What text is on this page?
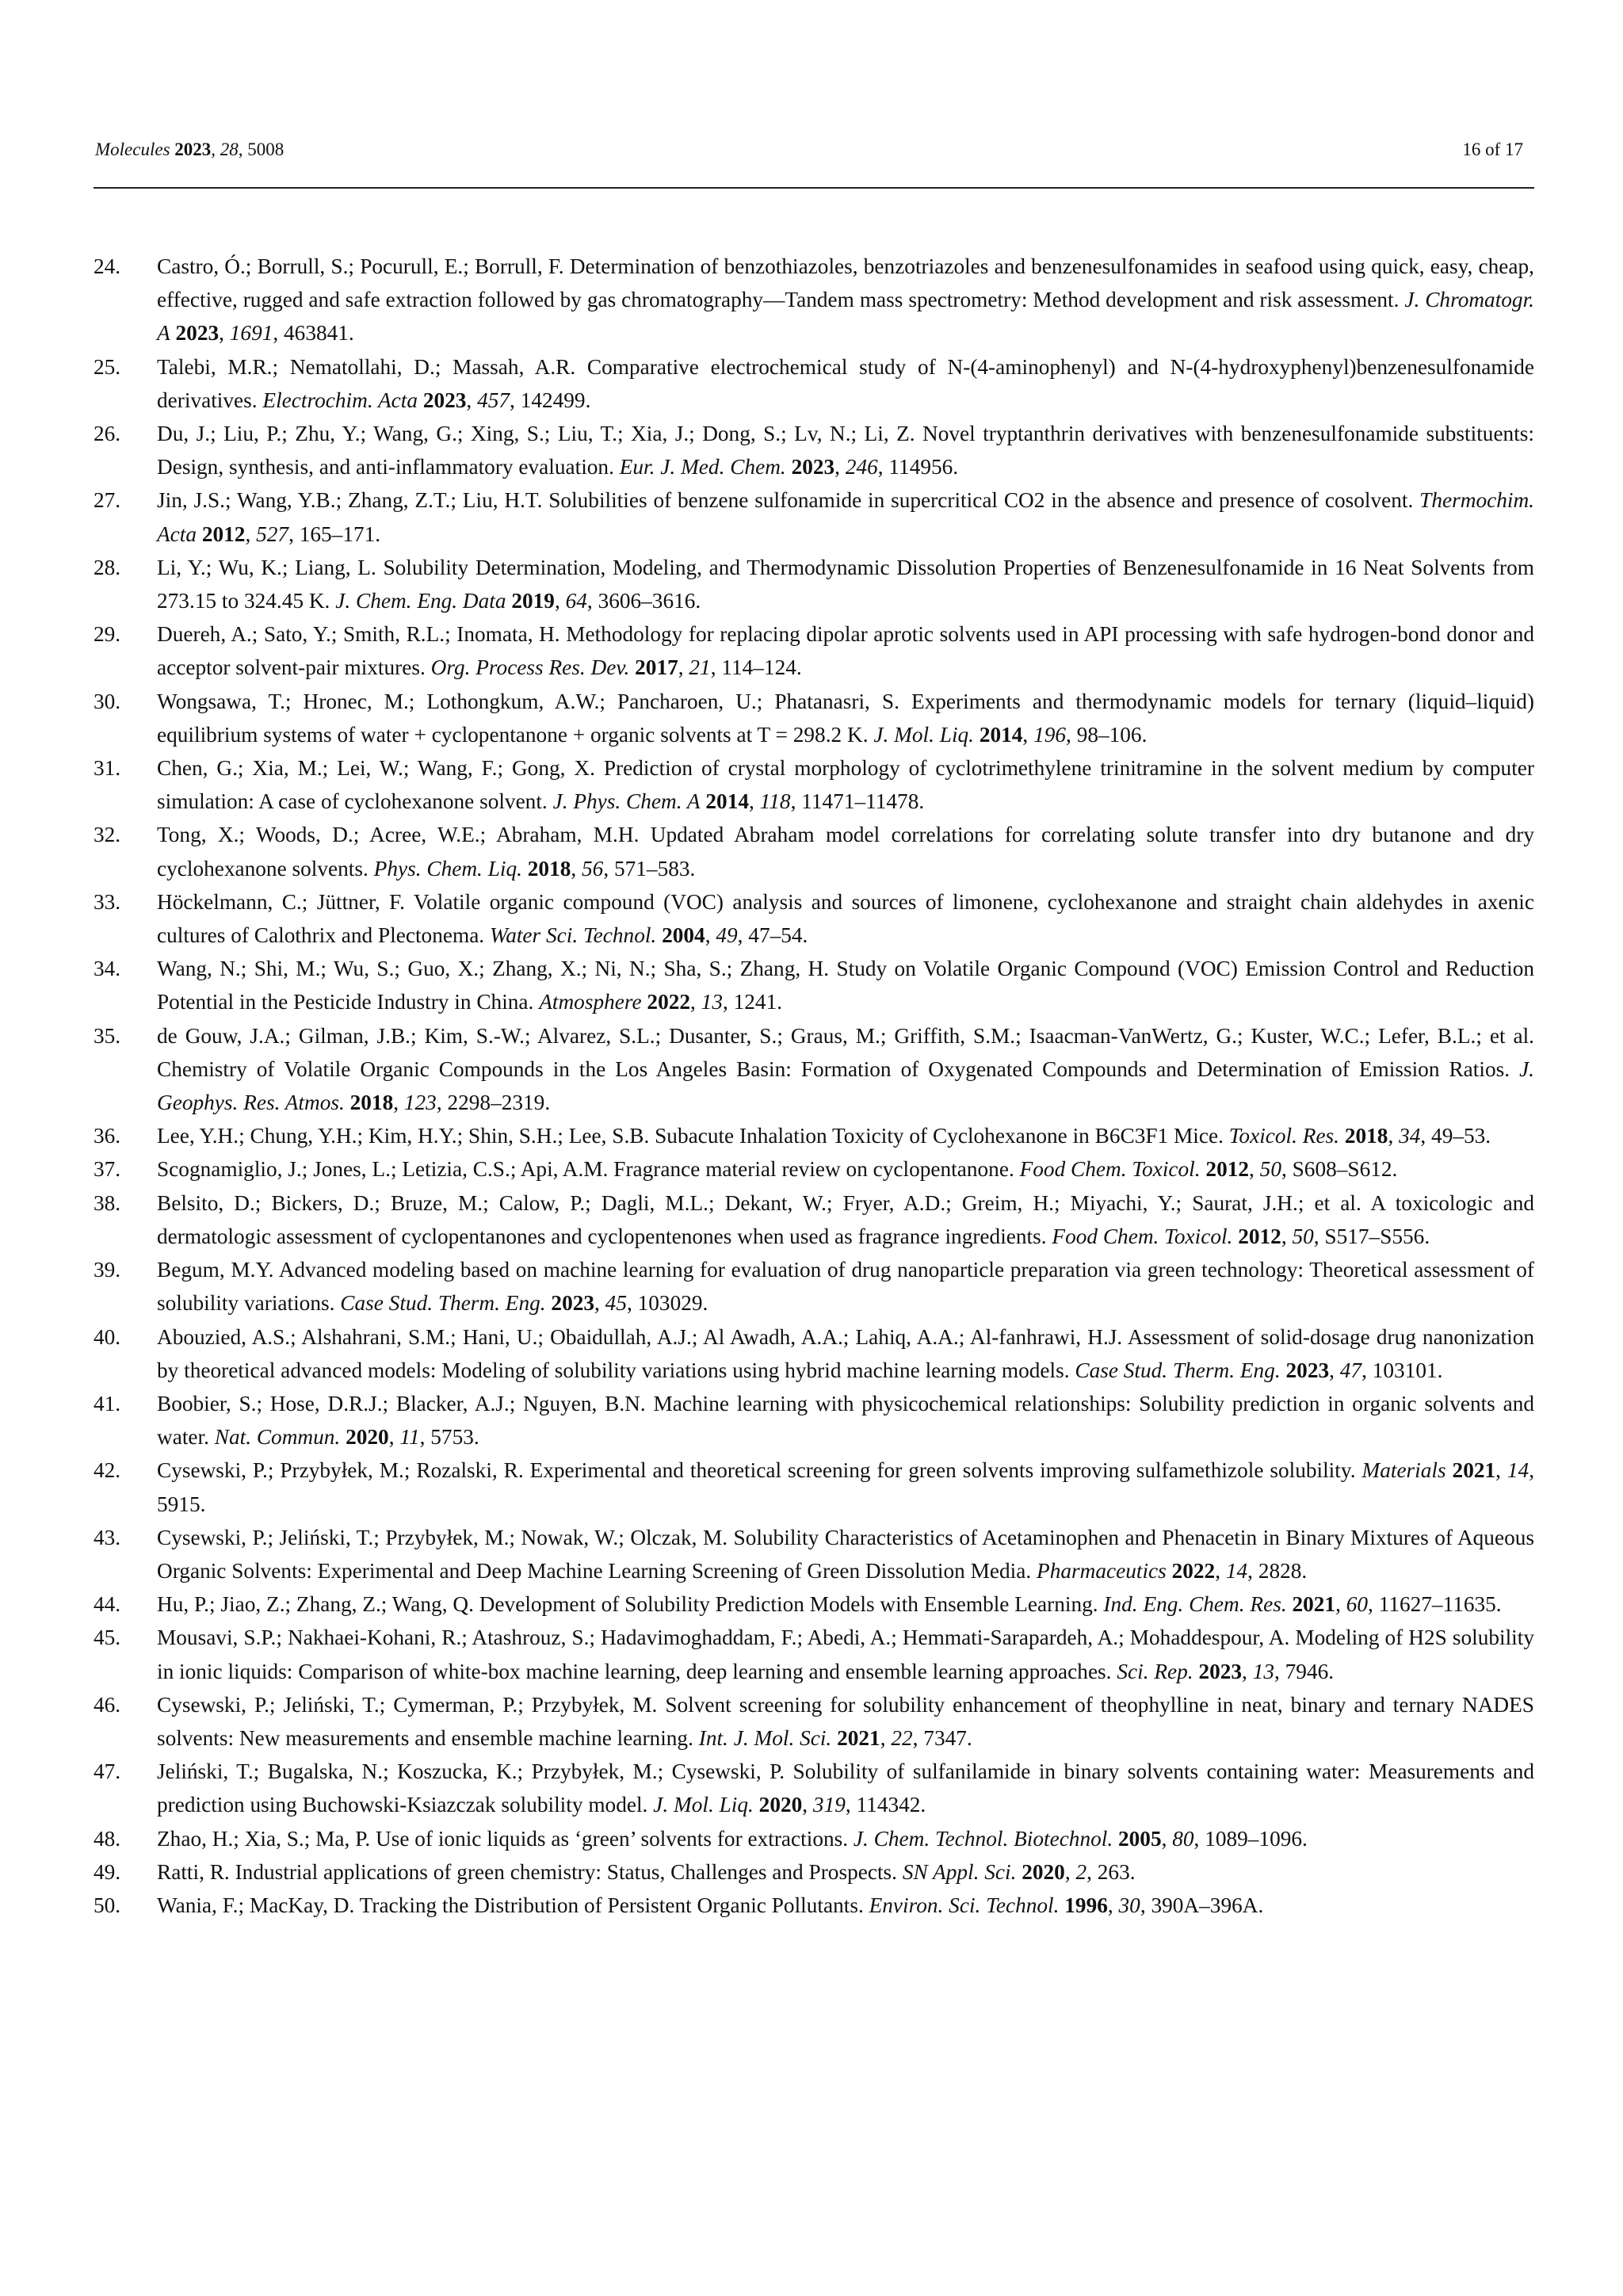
Molecules 2023, 28, 5008	16 of 17
24. Castro, Ó.; Borrull, S.; Pocurull, E.; Borrull, F. Determination of benzothiazoles, benzotriazoles and benzenesulfonamides in seafood using quick, easy, cheap, effective, rugged and safe extraction followed by gas chromatography—Tandem mass spectrometry: Method development and risk assessment. J. Chromatogr. A 2023, 1691, 463841.
25. Talebi, M.R.; Nematollahi, D.; Massah, A.R. Comparative electrochemical study of N-(4-aminophenyl) and N-(4-hydroxyphenyl)benzenesulfonamide derivatives. Electrochim. Acta 2023, 457, 142499.
26. Du, J.; Liu, P.; Zhu, Y.; Wang, G.; Xing, S.; Liu, T.; Xia, J.; Dong, S.; Lv, N.; Li, Z. Novel tryptanthrin derivatives with benzenesulfonamide substituents: Design, synthesis, and anti-inflammatory evaluation. Eur. J. Med. Chem. 2023, 246, 114956.
27. Jin, J.S.; Wang, Y.B.; Zhang, Z.T.; Liu, H.T. Solubilities of benzene sulfonamide in supercritical CO2 in the absence and presence of cosolvent. Thermochim. Acta 2012, 527, 165–171.
28. Li, Y.; Wu, K.; Liang, L. Solubility Determination, Modeling, and Thermodynamic Dissolution Properties of Benzenesulfonamide in 16 Neat Solvents from 273.15 to 324.45 K. J. Chem. Eng. Data 2019, 64, 3606–3616.
29. Duereh, A.; Sato, Y.; Smith, R.L.; Inomata, H. Methodology for replacing dipolar aprotic solvents used in API processing with safe hydrogen-bond donor and acceptor solvent-pair mixtures. Org. Process Res. Dev. 2017, 21, 114–124.
30. Wongsawa, T.; Hronec, M.; Lothongkum, A.W.; Pancharoen, U.; Phatanasri, S. Experiments and thermodynamic models for ternary (liquid–liquid) equilibrium systems of water + cyclopentanone + organic solvents at T = 298.2 K. J. Mol. Liq. 2014, 196, 98–106.
31. Chen, G.; Xia, M.; Lei, W.; Wang, F.; Gong, X. Prediction of crystal morphology of cyclotrimethylene trinitramine in the solvent medium by computer simulation: A case of cyclohexanone solvent. J. Phys. Chem. A 2014, 118, 11471–11478.
32. Tong, X.; Woods, D.; Acree, W.E.; Abraham, M.H. Updated Abraham model correlations for correlating solute transfer into dry butanone and dry cyclohexanone solvents. Phys. Chem. Liq. 2018, 56, 571–583.
33. Höckelmann, C.; Jüttner, F. Volatile organic compound (VOC) analysis and sources of limonene, cyclohexanone and straight chain aldehydes in axenic cultures of Calothrix and Plectonema. Water Sci. Technol. 2004, 49, 47–54.
34. Wang, N.; Shi, M.; Wu, S.; Guo, X.; Zhang, X.; Ni, N.; Sha, S.; Zhang, H. Study on Volatile Organic Compound (VOC) Emission Control and Reduction Potential in the Pesticide Industry in China. Atmosphere 2022, 13, 1241.
35. de Gouw, J.A.; Gilman, J.B.; Kim, S.-W.; Alvarez, S.L.; Dusanter, S.; Graus, M.; Griffith, S.M.; Isaacman-VanWertz, G.; Kuster, W.C.; Lefer, B.L.; et al. Chemistry of Volatile Organic Compounds in the Los Angeles Basin: Formation of Oxygenated Compounds and Determination of Emission Ratios. J. Geophys. Res. Atmos. 2018, 123, 2298–2319.
36. Lee, Y.H.; Chung, Y.H.; Kim, H.Y.; Shin, S.H.; Lee, S.B. Subacute Inhalation Toxicity of Cyclohexanone in B6C3F1 Mice. Toxicol. Res. 2018, 34, 49–53.
37. Scognamiglio, J.; Jones, L.; Letizia, C.S.; Api, A.M. Fragrance material review on cyclopentanone. Food Chem. Toxicol. 2012, 50, S608–S612.
38. Belsito, D.; Bickers, D.; Bruze, M.; Calow, P.; Dagli, M.L.; Dekant, W.; Fryer, A.D.; Greim, H.; Miyachi, Y.; Saurat, J.H.; et al. A toxicologic and dermatologic assessment of cyclopentanones and cyclopentenones when used as fragrance ingredients. Food Chem. Toxicol. 2012, 50, S517–S556.
39. Begum, M.Y. Advanced modeling based on machine learning for evaluation of drug nanoparticle preparation via green technology: Theoretical assessment of solubility variations. Case Stud. Therm. Eng. 2023, 45, 103029.
40. Abouzied, A.S.; Alshahrani, S.M.; Hani, U.; Obaidullah, A.J.; Al Awadh, A.A.; Lahiq, A.A.; Al-fanhrawi, H.J. Assessment of solid-dosage drug nanonization by theoretical advanced models: Modeling of solubility variations using hybrid machine learning models. Case Stud. Therm. Eng. 2023, 47, 103101.
41. Boobier, S.; Hose, D.R.J.; Blacker, A.J.; Nguyen, B.N. Machine learning with physicochemical relationships: Solubility prediction in organic solvents and water. Nat. Commun. 2020, 11, 5753.
42. Cysewski, P.; Przybyłek, M.; Rozalski, R. Experimental and theoretical screening for green solvents improving sulfamethizole solubility. Materials 2021, 14, 5915.
43. Cysewski, P.; Jeliński, T.; Przybyłek, M.; Nowak, W.; Olczak, M. Solubility Characteristics of Acetaminophen and Phenacetin in Binary Mixtures of Aqueous Organic Solvents: Experimental and Deep Machine Learning Screening of Green Dissolution Media. Pharmaceutics 2022, 14, 2828.
44. Hu, P.; Jiao, Z.; Zhang, Z.; Wang, Q. Development of Solubility Prediction Models with Ensemble Learning. Ind. Eng. Chem. Res. 2021, 60, 11627–11635.
45. Mousavi, S.P.; Nakhaei-Kohani, R.; Atashrouz, S.; Hadavimoghaddam, F.; Abedi, A.; Hemmati-Sarapardeh, A.; Mohaddespour, A. Modeling of H2S solubility in ionic liquids: Comparison of white-box machine learning, deep learning and ensemble learning approaches. Sci. Rep. 2023, 13, 7946.
46. Cysewski, P.; Jeliński, T.; Cymerman, P.; Przybyłek, M. Solvent screening for solubility enhancement of theophylline in neat, binary and ternary NADES solvents: New measurements and ensemble machine learning. Int. J. Mol. Sci. 2021, 22, 7347.
47. Jeliński, T.; Bugalska, N.; Koszucka, K.; Przybyłek, M.; Cysewski, P. Solubility of sulfanilamide in binary solvents containing water: Measurements and prediction using Buchowski-Ksiazczak solubility model. J. Mol. Liq. 2020, 319, 114342.
48. Zhao, H.; Xia, S.; Ma, P. Use of ionic liquids as ‘green’ solvents for extractions. J. Chem. Technol. Biotechnol. 2005, 80, 1089–1096.
49. Ratti, R. Industrial applications of green chemistry: Status, Challenges and Prospects. SN Appl. Sci. 2020, 2, 263.
50. Wania, F.; MacKay, D. Tracking the Distribution of Persistent Organic Pollutants. Environ. Sci. Technol. 1996, 30, 390A–396A.
